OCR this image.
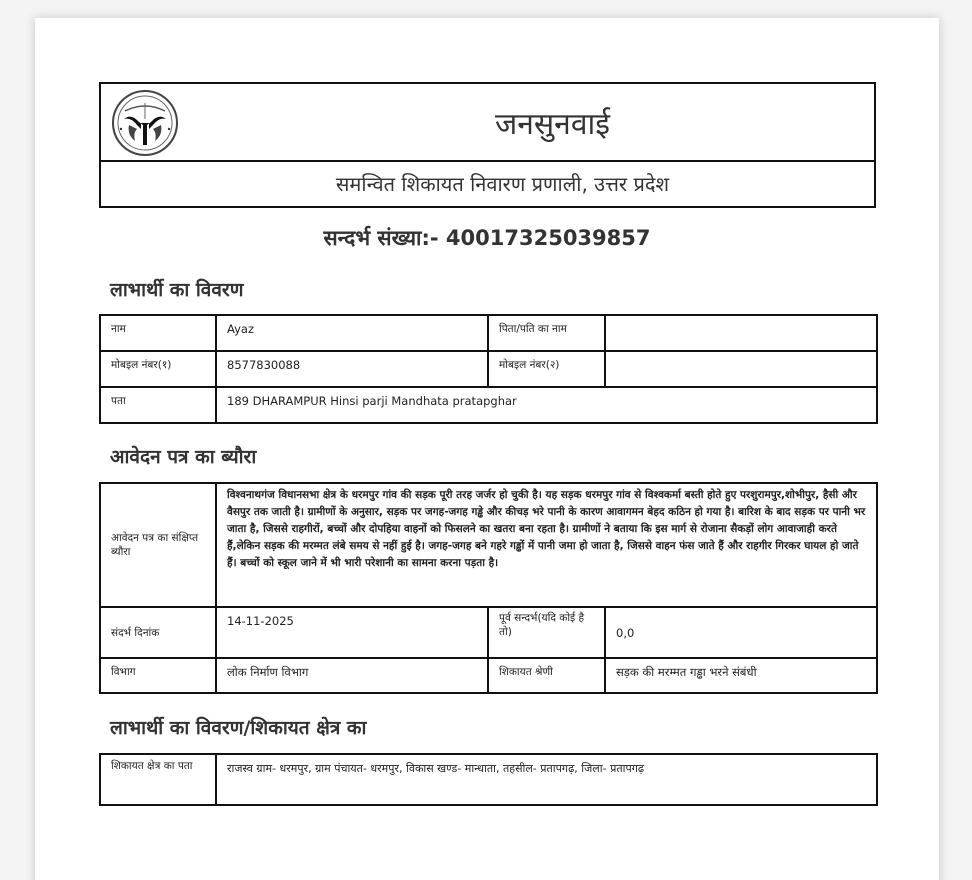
जनसुनवाई
समन्वित शिकायत निवारण प्रणाली, उत्तर प्रदेश
सन्दर्भ संख्या:- 40017325039857
लाभार्थी का विवरण
नाम	Ayaz	पिता/पति का नाम	
मोबइल नंबर(१)	8577830088	मोबइल नंबर(२)	
पता	189 DHARAMPUR Hinsi parji Mandhata pratapghar		
आवेदन पत्र का ब्यौरा
आवेदन पत्र का संक्षिप्त ब्यौरा	विश्वनाथगंज विधानसभा क्षेत्र के धरमपुर गांव की सड़क पूरी तरह जर्जर हो चुकी है। यह सड़क धरमपुर गांव से विश्वकर्मा बस्ती होते हुए परशुरामपुर,शोभीपुर, हैसी और वैसपुर तक जाती है। ग्रामीणों के अनुसार, सड़क पर जगह-जगह गड्ढे और कीचड़ भरे पानी के कारण आवागमन बेहद कठिन हो गया है। बारिश के बाद सड़क पर पानी भर जाता है, जिससे राहगीरों, बच्चों और दोपहिया वाहनों को फिसलने का खतरा बना रहता है। ग्रामीणों ने बताया कि इस मार्ग से रोजाना सैकड़ों लोग आवाजाही करते हैं,लेकिन सड़क की मरम्मत लंबे समय से नहीं हुई है। जगह-जगह बने गहरे गड्ढों में पानी जमा हो जाता है, जिससे वाहन फंस जाते हैं और राहगीर गिरकर घायल हो जाते हैं। बच्चों को स्कूल जाने में भी भारी परेशानी का सामना करना पड़ता है।		
संदर्भ दिनांक	14-11-2025	पूर्व सन्दर्भ(यदि कोई है तो)	0,0
विभाग	लोक निर्माण विभाग	शिकायत श्रेणी	सड़क की मरम्मत गड्ढा भरने संबंधी
लाभार्थी का विवरण/शिकायत क्षेत्र का
शिकायत क्षेत्र का पता	राजस्व ग्राम- धरमपुर, ग्राम पंचायत- धरमपुर, विकास खण्ड- मान्धाता, तहसील- प्रतापगढ़, जिला- प्रतापगढ़
